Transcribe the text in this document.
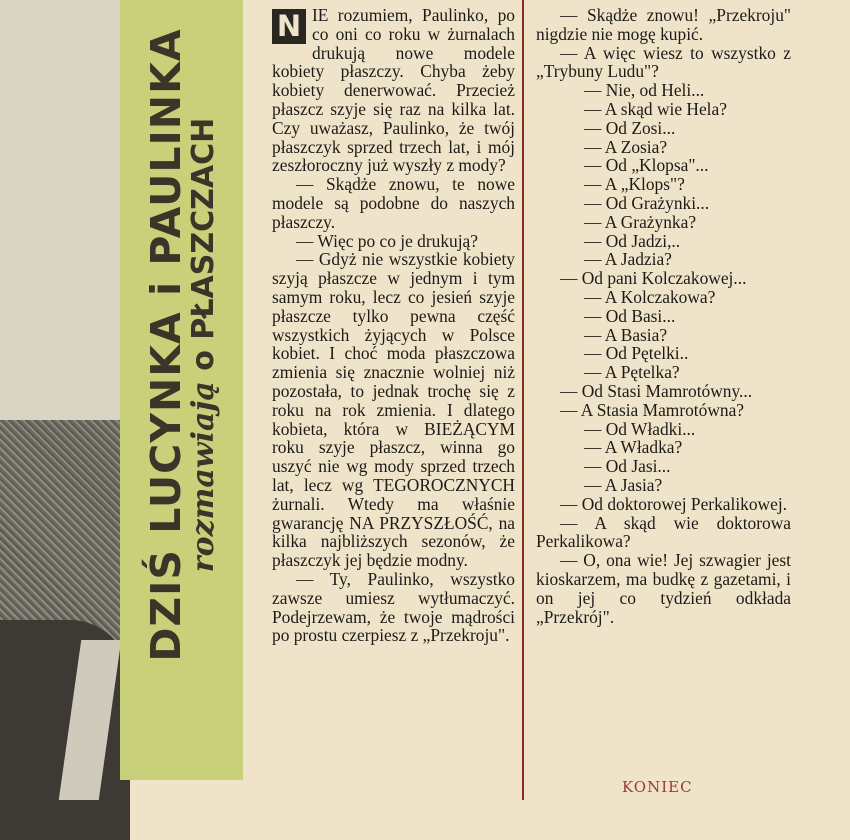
DZIŚ LUCYNKA i PAULINKA
rozmawiają o PŁASZCZACH

N IE rozumiem, Paulinko, po co oni co roku w żurnalach drukują nowe modele kobiety płaszczy. Chyba żeby kobiety denerwować. Przecież płaszcz szyje się raz na kilka lat. Czy uważasz, Paulinko, że twój płaszczyk sprzed trzech lat, i mój zeszłoroczny już wyszły z mody?

— Skądże znowu, te nowe modele są podobne do naszych płaszczy.

— Więc po co je drukują?

— Gdyż nie wszystkie kobiety szyją płaszcze w jednym i tym samym roku, lecz co jesień szyje płaszcze tylko pewna część wszystkich żyjących w Polsce kobiet. I choć moda płaszczowa zmienia się znacznie wolniej niż pozostała, to jednak trochę się z roku na rok zmienia. I dlatego kobieta, która w BIEŻĄCYM roku szyje płaszcz, winna go uszyć nie wg mody sprzed trzech lat, lecz wg TEGOROCZNYCH żurnali. Wtedy ma właśnie gwarancję NA PRZYSZŁOŚĆ, na kilka najbliższych sezonów, że płaszczyk jej będzie modny.

— Ty, Paulinko, wszystko zawsze umiesz wytłumaczyć. Podejrzewam, że twoje mądrości po prostu czerpiesz z „Przekroju".

— Skądże znowu! „Przekroju" nigdzie nie mogę kupić.

— A więc wiesz to wszystko z „Trybuny Ludu"?

— Nie, od Heli...

— A skąd wie Hela?

— Od Zosi...

— A Zosia?

— Od „Klopsa"...

— A „Klops"?

— Od Grażynki...

— A Grażynka?

— Od Jadzi,..

— A Jadzia?

— Od pani Kolczakowej...

— A Kolczakowa?

— Od Basi...

— A Basia?

— Od Pętelki..

— A Pętelka?

— Od Stasi Mamrotówny...

— A Stasia Mamrotówna?

— Od Władki...

— A Władka?

— Od Jasi...

— A Jasia?

— Od doktorowej Perkalikowej.

— A skąd wie doktorowa Perkalikowa?

— O, ona wie! Jej szwagier jest kioskarzem, ma budkę z gazetami, i on jej co tydzień odkłada „Przekrój".

KONIEC
